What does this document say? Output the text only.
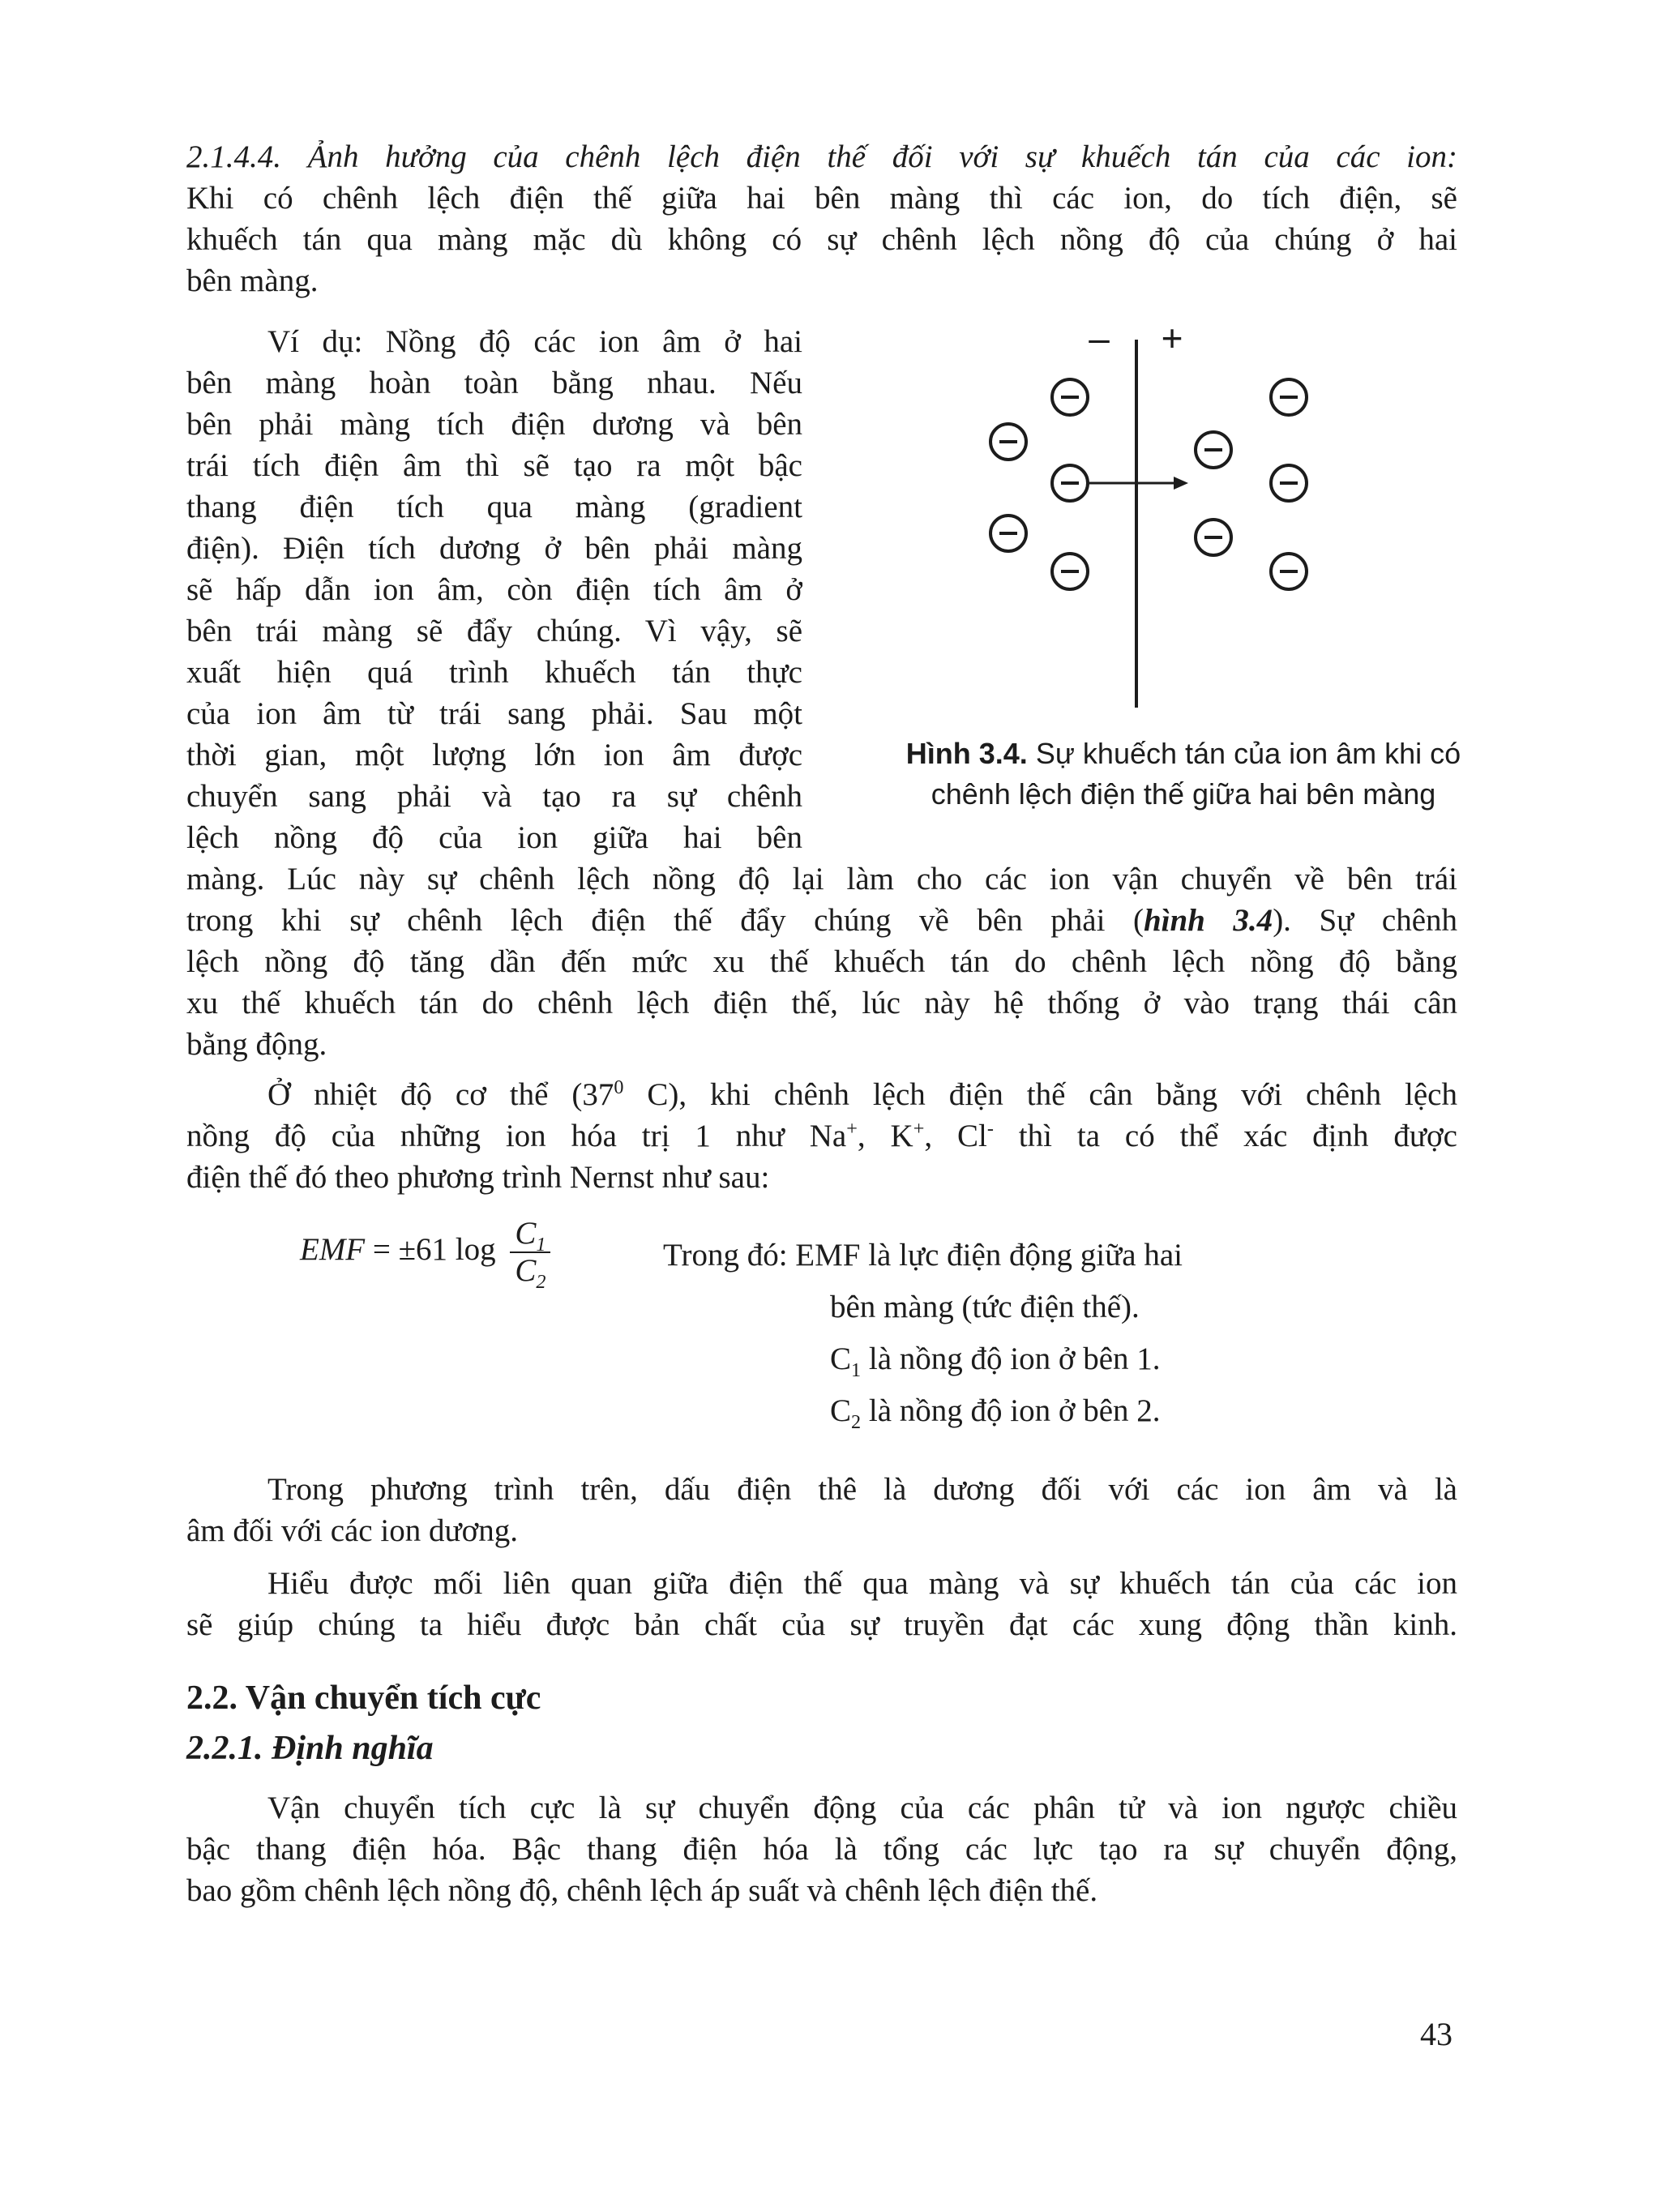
2.1.4.4. Ảnh hưởng của chênh lệch điện thế đối với sự khuếch tán của các ion:
Khi có chênh lệch điện thế giữa hai bên màng thì các ion, do tích điện, sẽ
khuếch tán qua màng mặc dù không có sự chênh lệch nồng độ của chúng ở hai
bên màng.
Ví dụ: Nồng độ các ion âm ở hai
bên màng hoàn toàn bằng nhau. Nếu
bên phải màng tích điện dương và bên
trái tích điện âm thì sẽ tạo ra một bậc
thang điện tích qua màng (gradient
điện). Điện tích dương ở bên phải màng
sẽ hấp dẫn ion âm, còn điện tích âm ở
bên trái màng sẽ đẩy chúng. Vì vậy, sẽ
xuất hiện quá trình khuếch tán thực
của ion âm từ trái sang phải. Sau một
thời gian, một lượng lớn ion âm được
chuyển sang phải và tạo ra sự chênh
lệch nồng độ của ion giữa hai bên
– +
Hình 3.4. Sự khuếch tán của ion âm khi có
chênh lệch điện thế giữa hai bên màng
màng. Lúc này sự chênh lệch nồng độ lại làm cho các ion vận chuyển về bên trái
trong khi sự chênh lệch điện thế đẩy chúng về bên phải (hình 3.4). Sự chênh
lệch nồng độ tăng dần đến mức xu thế khuếch tán do chênh lệch nồng độ bằng
xu thế khuếch tán do chênh lệch điện thế, lúc này hệ thống ở vào trạng thái cân
bằng động.
Ở nhiệt độ cơ thể ($37^0$ C), khi chênh lệch điện thế cân bằng với chênh lệch
nồng độ của những ion hóa trị 1 như Na+, K+, Cl- thì ta có thể xác định được
điện thế đó theo phương trình Nernst như sau:
EMF = ±61 $\log \frac{C_1}{C_2}$	Trong đó: EMF là lực điện động giữa hai
bên màng (tức điện thế).
$C_1$ là nồng độ ion ở bên 1.
$C_2$ là nồng độ ion ở bên 2.
Trong phương trình trên, dấu điện thê là dương đối với các ion âm và là
âm đối với các ion dương.
Hiểu được mối liên quan giữa điện thế qua màng và sự khuếch tán của các ion
sẽ giúp chúng ta hiểu được bản chất của sự truyền đạt các xung động thần kinh.
2.2. Vận chuyển tích cực
2.2.1. Định nghĩa
Vận chuyển tích cực là sự chuyển động của các phân tử và ion ngược chiều
bậc thang điện hóa. Bậc thang điện hóa là tổng các lực tạo ra sự chuyển động,
bao gồm chênh lệch nồng độ, chênh lệch áp suất và chênh lệch điện thế.
43
